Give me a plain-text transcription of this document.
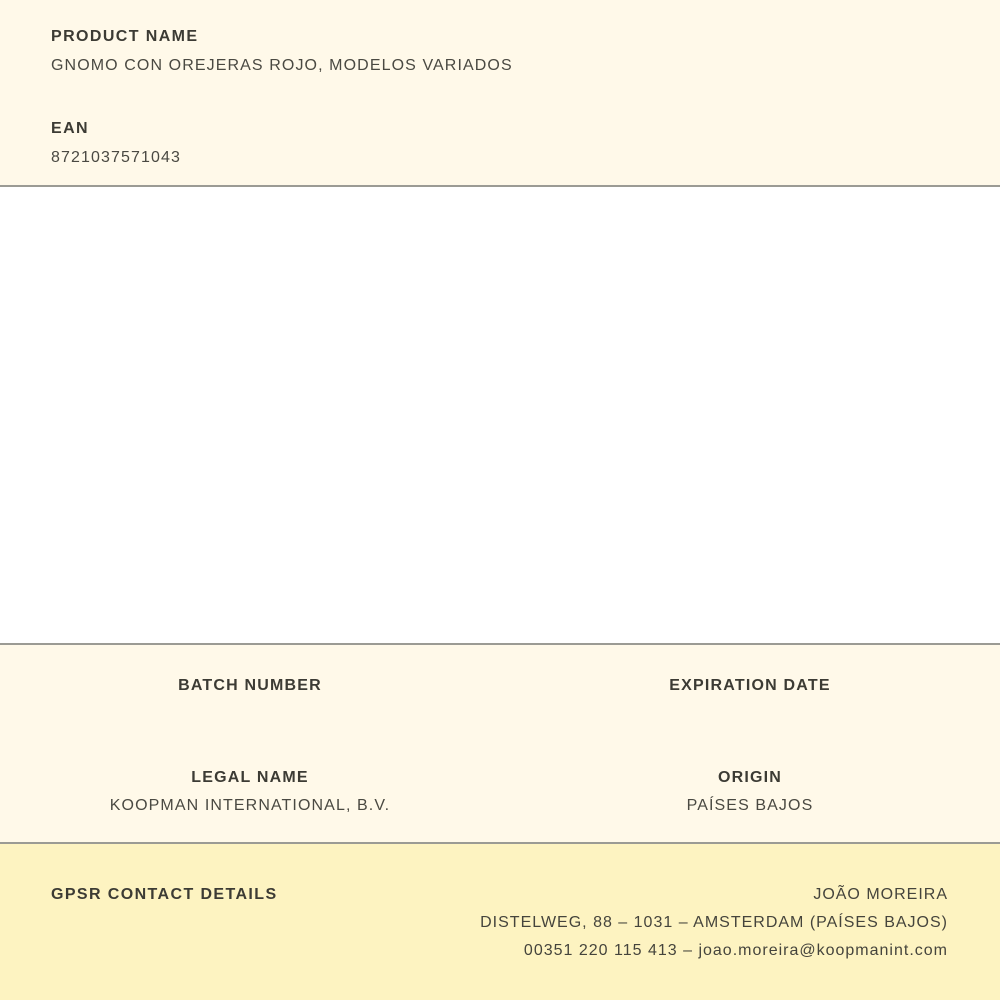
PRODUCT NAME
GNOMO CON OREJERAS ROJO, MODELOS VARIADOS
EAN
8721037571043
BATCH NUMBER
LEGAL NAME
KOOPMAN INTERNATIONAL, B.V.
EXPIRATION DATE
ORIGIN
PAÍSES BAJOS
GPSR CONTACT DETAILS	JOÃO MOREIRA
DISTELWEG, 88 – 1031 – AMSTERDAM (PAÍSES BAJOS)
00351 220 115 413 – joao.moreira@koopmanint.com
